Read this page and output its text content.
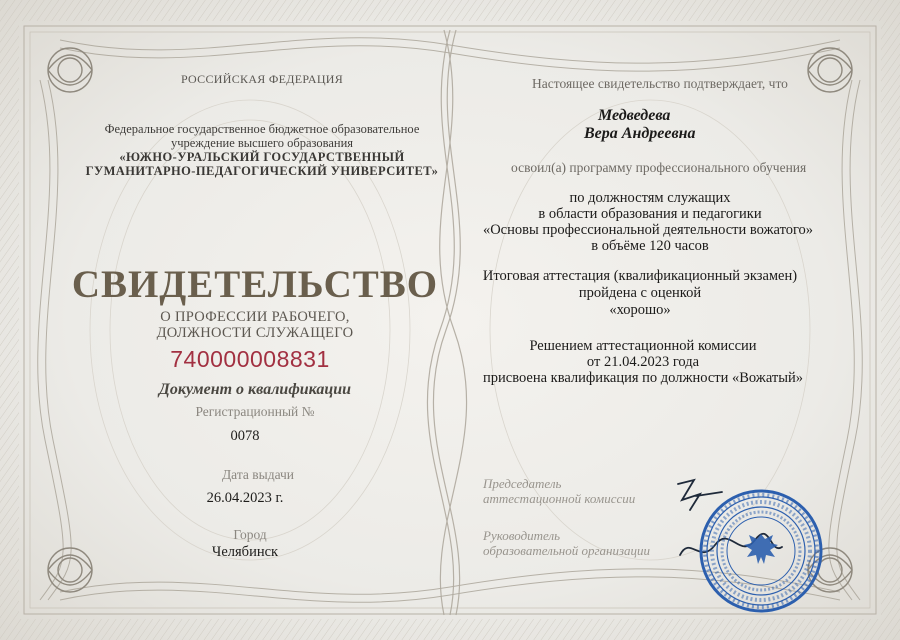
РОССИЙСКАЯ ФЕДЕРАЦИЯ
Федеральное государственное бюджетное образовательное
учреждение высшего образования
«ЮЖНО-УРАЛЬСКИЙ ГОСУДАРСТВЕННЫЙ
ГУМАНИТАРНО-ПЕДАГОГИЧЕСКИЙ УНИВЕРСИТЕТ»
СВИДЕТЕЛЬСТВО
О ПРОФЕССИИ РАБОЧЕГО,
ДОЛЖНОСТИ СЛУЖАЩЕГО
740000008831
Документ о квалификации
Регистрационный №
0078
Дата выдачи
26.04.2023 г.
Город
Челябинск
Настоящее свидетельство подтверждает, что
Медведева
Вера Андреевна
освоил(а) программу профессионального обучения
по должностям служащих
в области образования и педагогики
«Основы профессиональной деятельности вожатого»
в объёме 120 часов
Итоговая аттестация (квалификационный экзамен)
пройдена с оценкой
«хорошо»
Решением аттестационной комиссии
от 21.04.2023 года
присвоена квалификация по должности «Вожатый»
Председатель
аттестационной комиссии
Руководитель
образовательной организации
